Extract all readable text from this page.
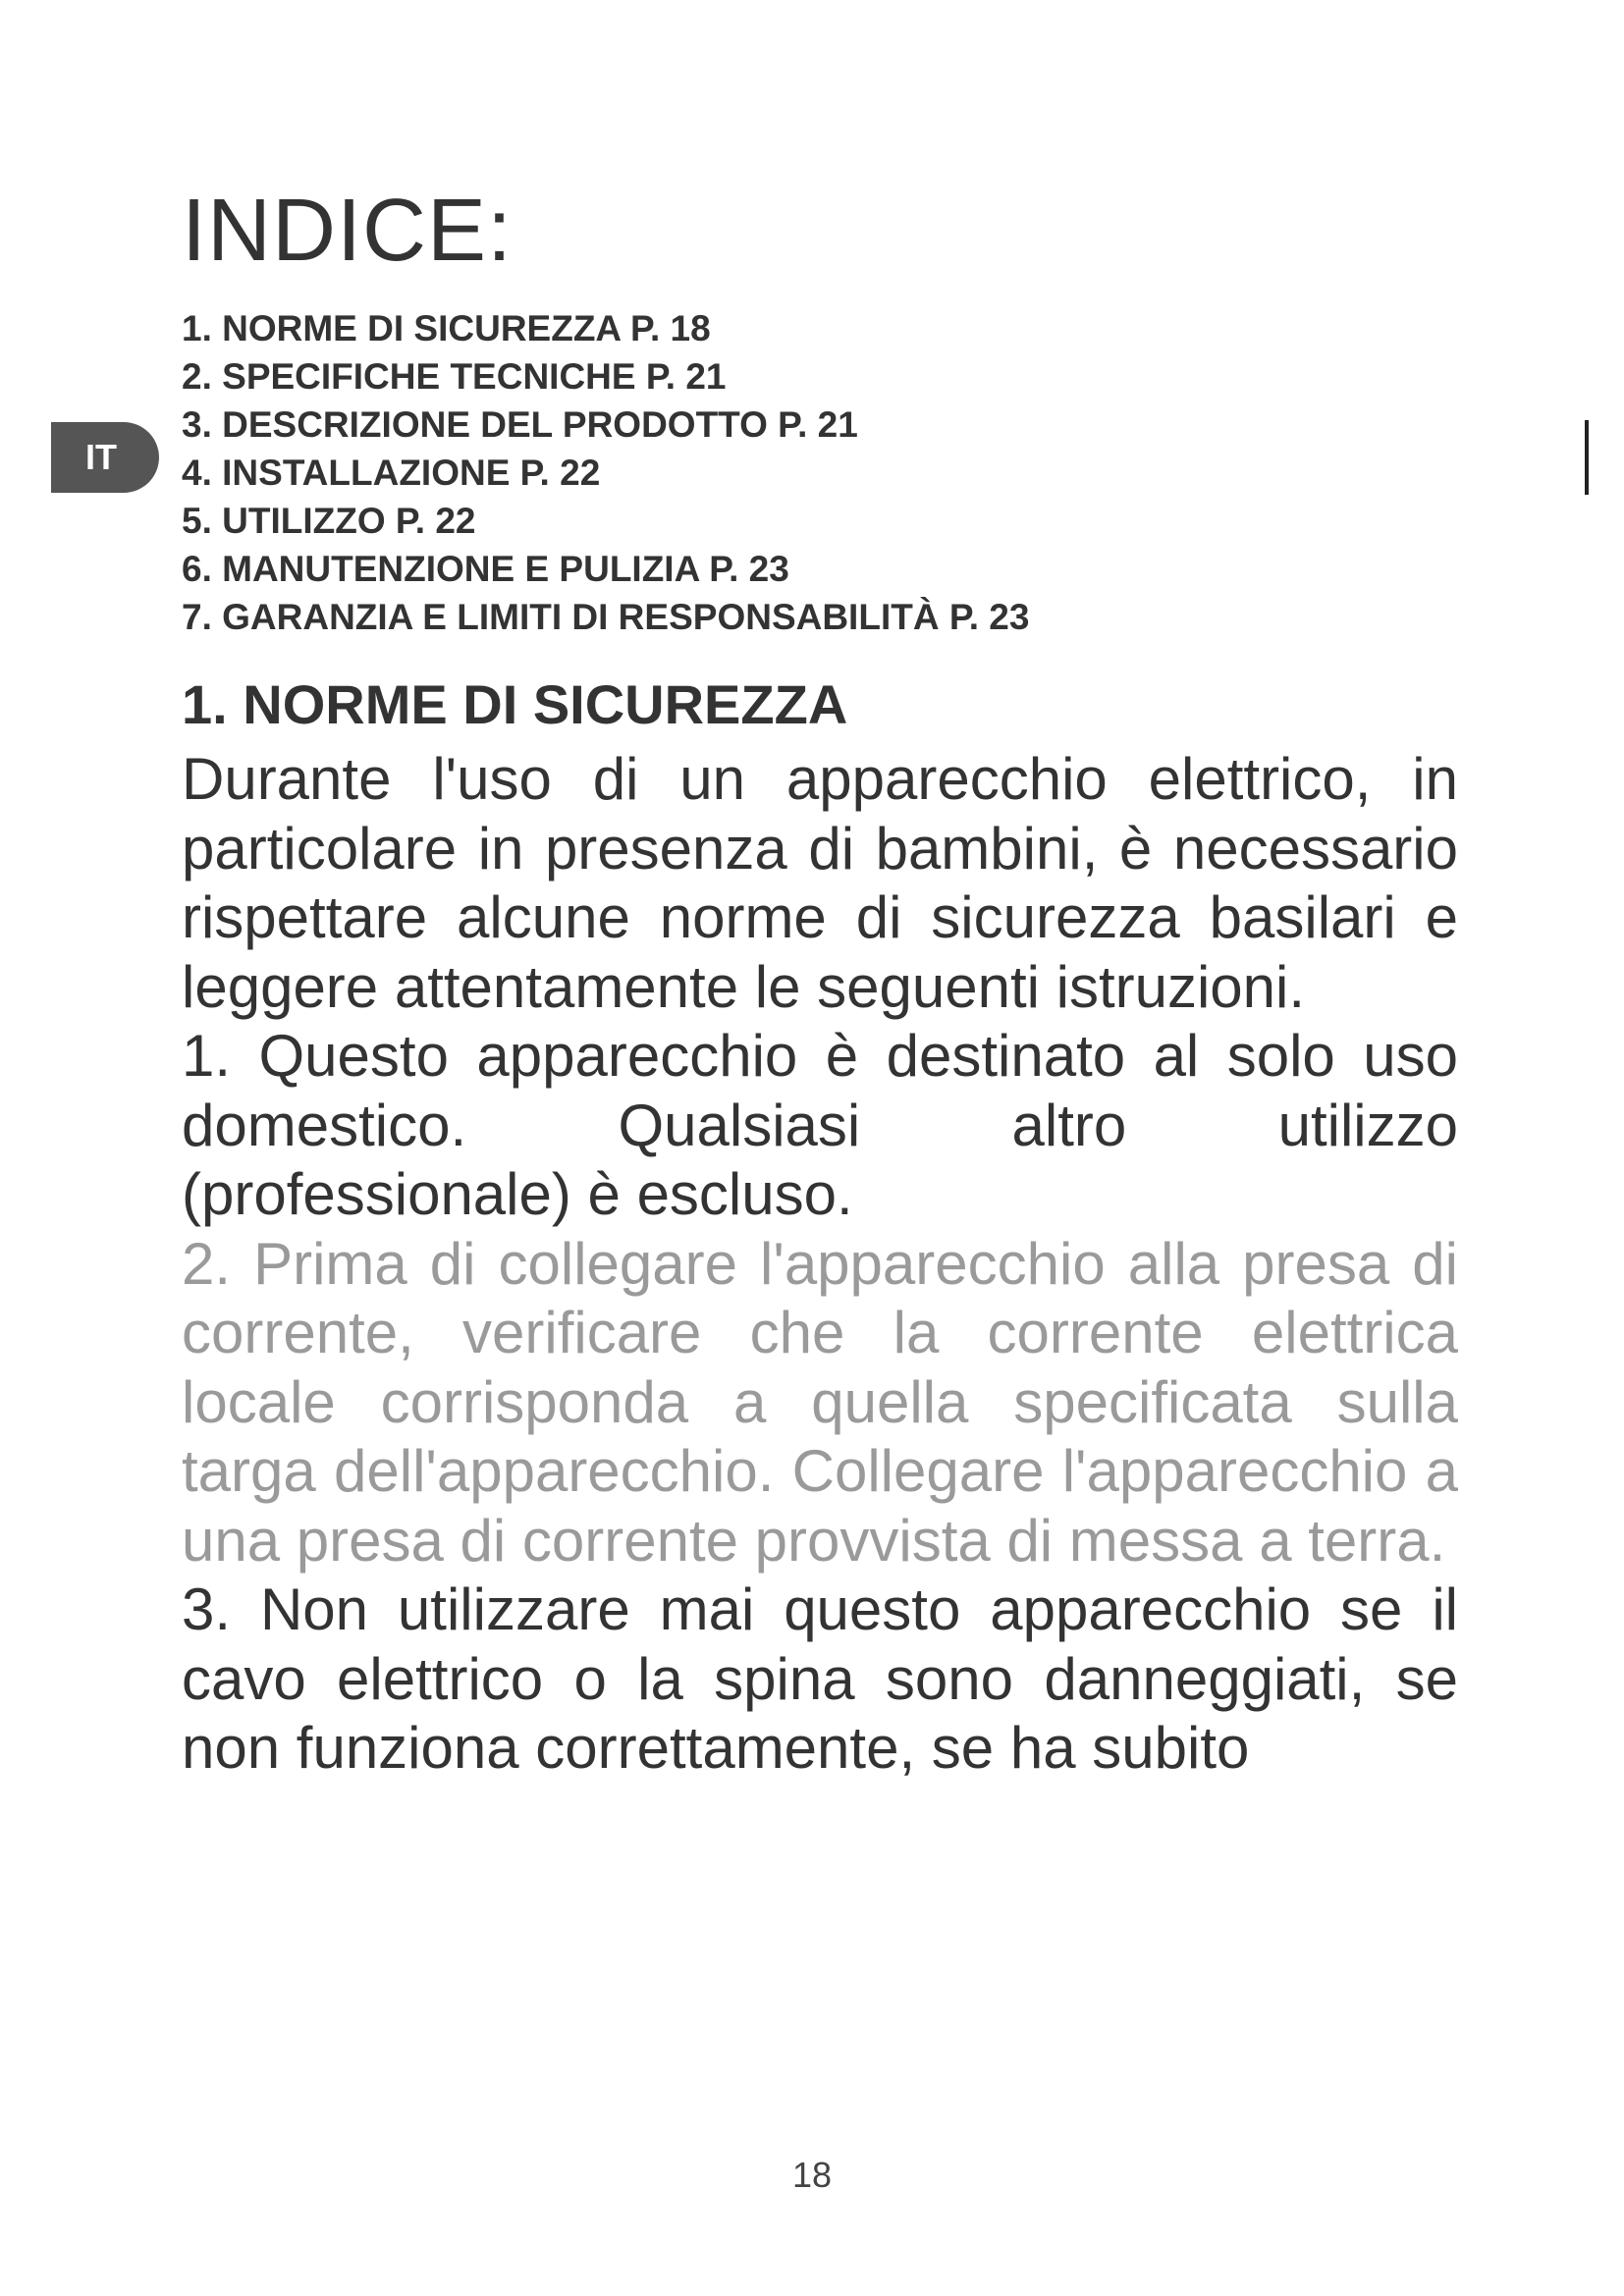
IT
INDICE:
1. NORME DI SICUREZZA P. 18
2. SPECIFICHE TECNICHE P. 21
3. DESCRIZIONE DEL PRODOTTO P. 21
4. INSTALLAZIONE P. 22
5. UTILIZZO P. 22
6. MANUTENZIONE E PULIZIA P. 23
7. GARANZIA E LIMITI DI RESPONSABILITÀ P. 23
1. NORME DI SICUREZZA

Durante l'uso di un apparecchio elettrico, in particolare in presenza di bambini, è necessario rispettare alcune norme di sicurezza basilari e leggere attentamente le seguenti istruzioni.

1. Questo apparecchio è destinato al solo uso domestico. Qualsiasi altro utilizzo (professionale) è escluso.

2. Prima di collegare l'apparecchio alla presa di corrente, verificare che la corrente elettrica locale corrisponda a quella specificata sulla targa dell'apparecchio. Collegare l'apparecchio a una presa di corrente provvista di messa a terra.

3. Non utilizzare mai questo apparecchio se il cavo elettrico o la spina sono danneggiati, se non funziona correttamente, se ha subito

18
